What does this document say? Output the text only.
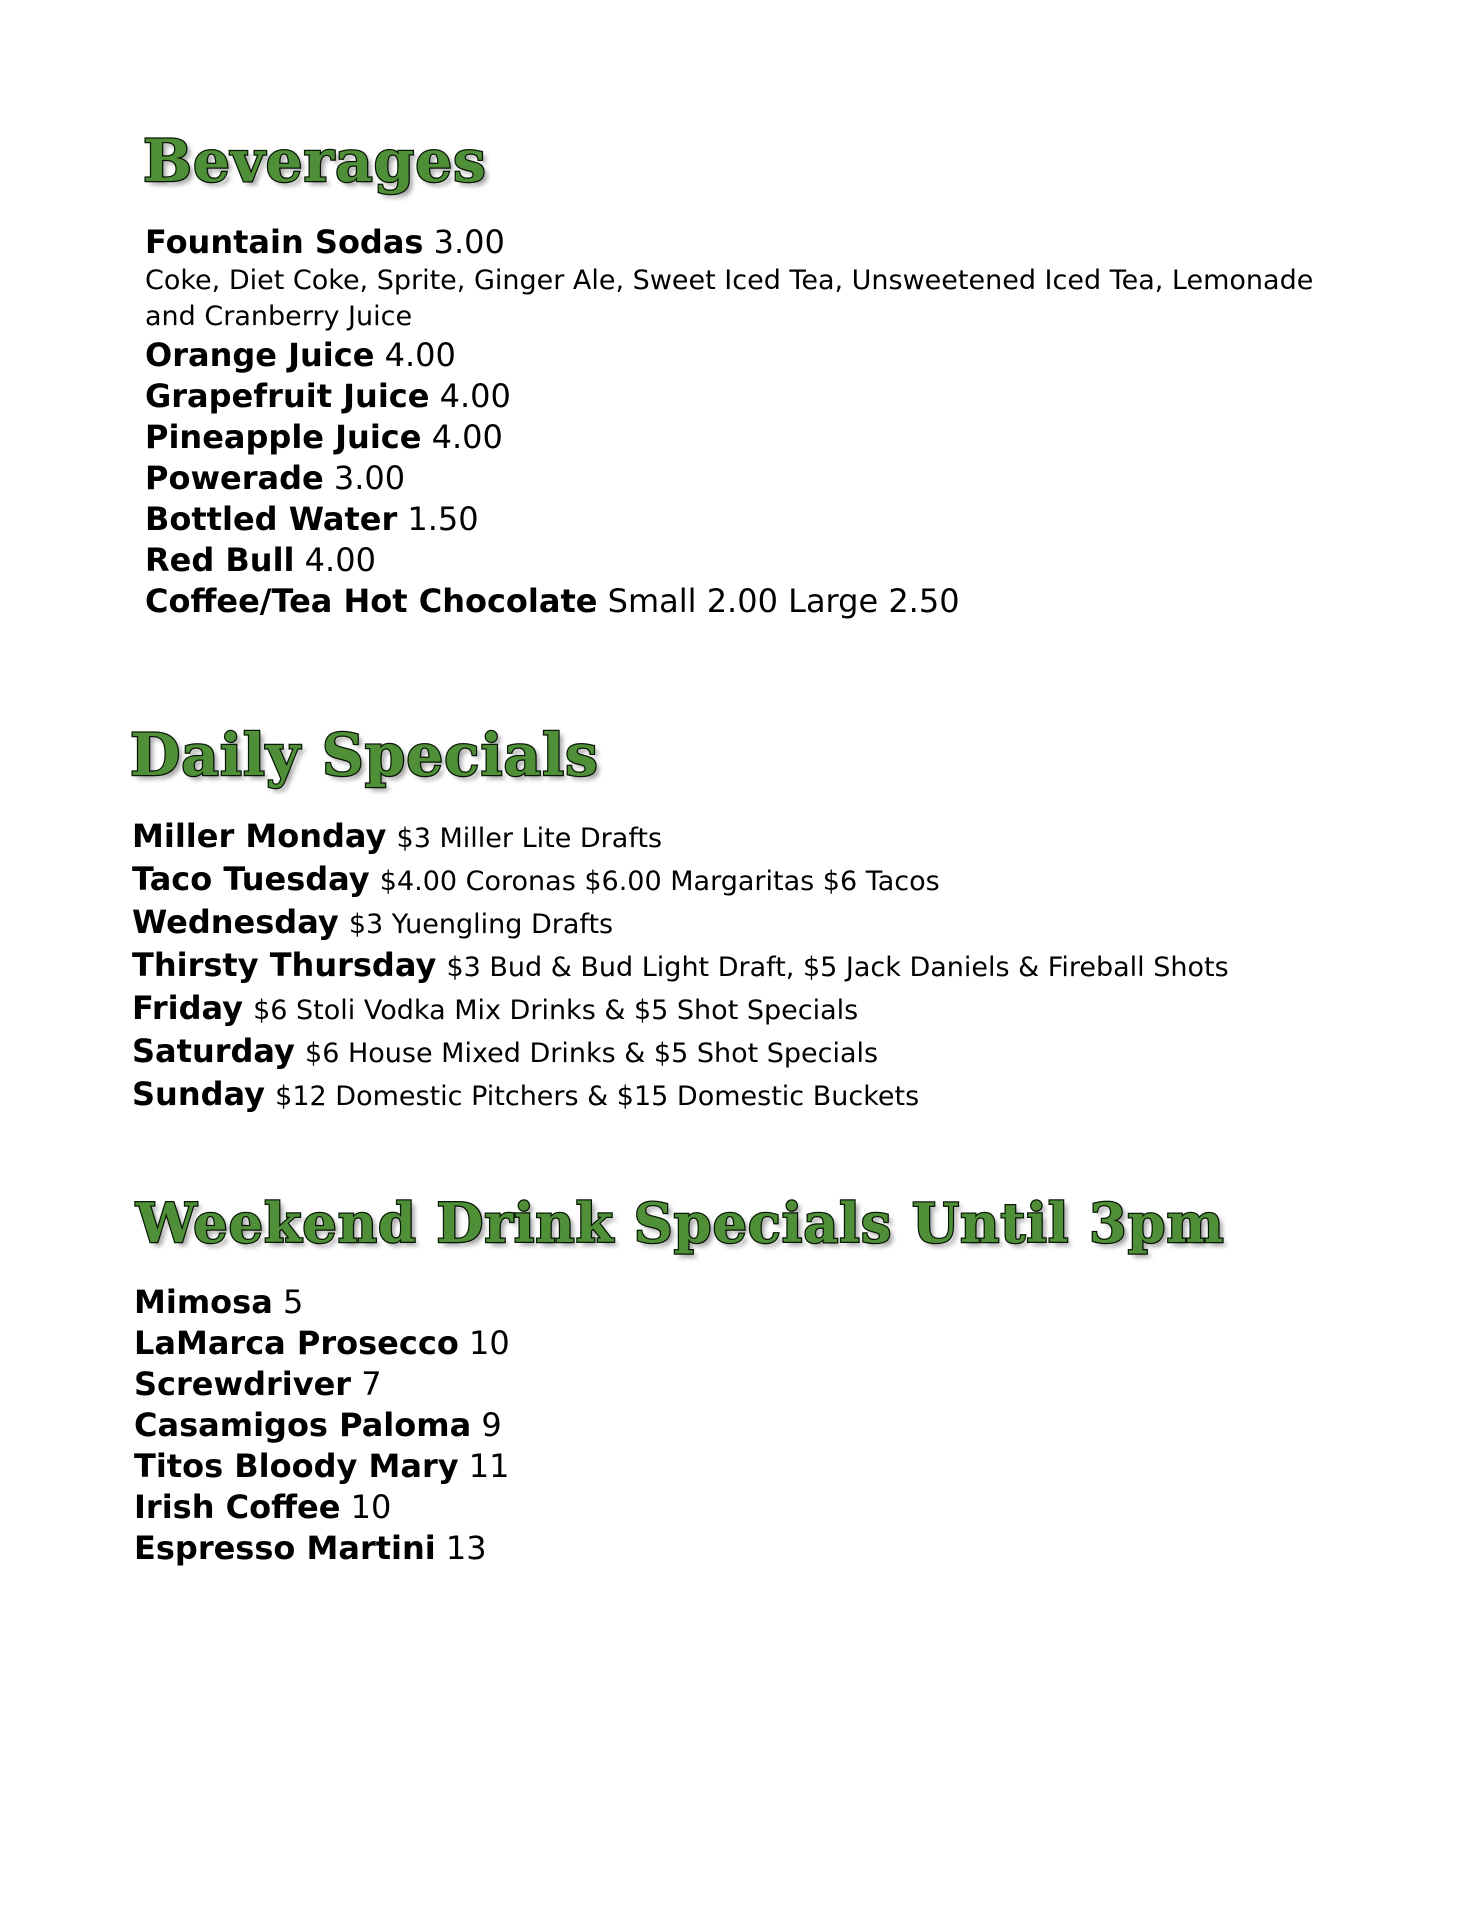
Beverages
Fountain Sodas 3.00
Coke, Diet Coke, Sprite, Ginger Ale, Sweet Iced Tea, Unsweetened Iced Tea, Lemonade and Cranberry Juice
Orange Juice 4.00
Grapefruit Juice 4.00
Pineapple Juice 4.00
Powerade 3.00
Bottled Water 1.50
Red Bull 4.00
Coffee/Tea Hot Chocolate Small 2.00 Large 2.50
Daily Specials
Miller Monday $3 Miller Lite Drafts
Taco Tuesday $4.00 Coronas $6.00 Margaritas $6 Tacos
Wednesday $3 Yuengling Drafts
Thirsty Thursday $3 Bud & Bud Light Draft, $5 Jack Daniels & Fireball Shots
Friday $6 Stoli Vodka Mix Drinks & $5 Shot Specials
Saturday $6 House Mixed Drinks & $5 Shot Specials
Sunday $12 Domestic Pitchers & $15 Domestic Buckets
Weekend Drink Specials Until 3pm
Mimosa 5
LaMarca Prosecco 10
Screwdriver 7
Casamigos Paloma 9
Titos Bloody Mary 11
Irish Coffee 10
Espresso Martini 13
